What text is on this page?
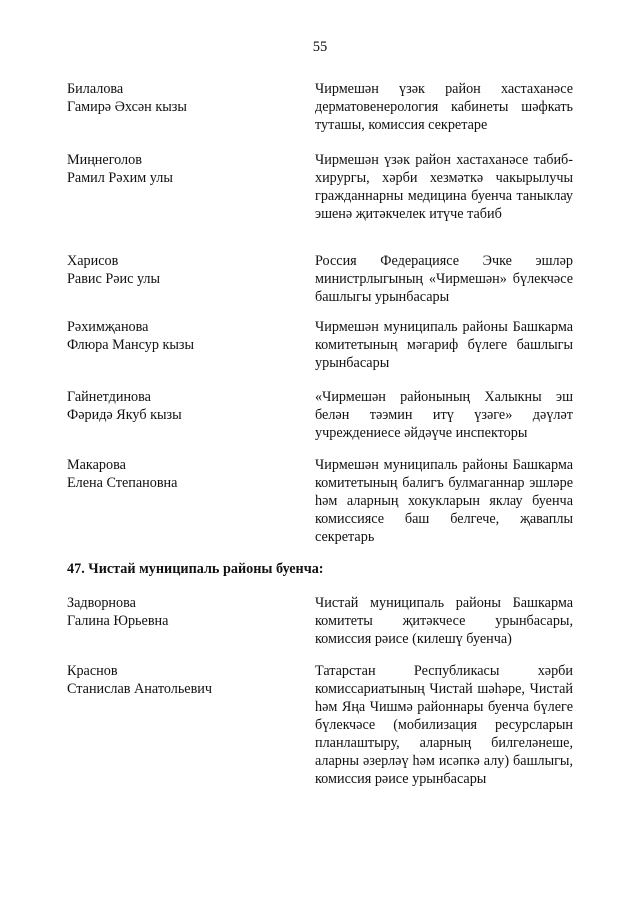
55
Билалова
Гамирә Әхсән кызы
Чирмешән үзәк район хастаханәсе дерматовенерология кабинеты шәфкать туташы, комиссия секретаре
Миңнеголов
Рамил Рәхим улы
Чирмешән үзәк район хастаханәсе табиб-хирургы, хәрби хезмәткә чакырылучы гражданнарны медицина буенча таныклау эшенә җитәкчелек итүче табиб
Харисов
Равис Рәис улы
Россия Федерациясе Эчке эшләр министрлыгының «Чирмешән» бүлекчәсе башлыгы урынбасары
Рәхимҗанова
Флюра Мансур кызы
Чирмешән муниципаль районы Башкарма комитетының мәгариф бүлеге башлыгы урынбасары
Гайнетдинова
Фәридә Якуб кызы
«Чирмешән районының Халыкны эш белән тәэмин итү үзәге» дәүләт учреждениесе әйдәүче инспекторы
Макарова
Елена Степановна
Чирмешән муниципаль районы Башкарма комитетының балигъ булмаганнар эшләре һәм аларның хокукларын яклау буенча комиссиясе баш белгече, җаваплы секретарь
47. Чистай муниципаль районы буенча:
Задворнова
Галина Юрьевна
Чистай муниципаль районы Башкарма комитеты җитәкчесе урынбасары, комиссия рәисе (килешү буенча)
Краснов
Станислав Анатольевич
Татарстан Республикасы хәрби комиссариатының Чистай шәһәре, Чистай һәм Яңа Чишмә районнары буенча бүлеге бүлекчәсе (мобилизация ресурсларын планлаштыру, аларның билгеләнеше, аларны әзерләү һәм исәпкә алу) башлыгы, комиссия рәисе урынбасары
